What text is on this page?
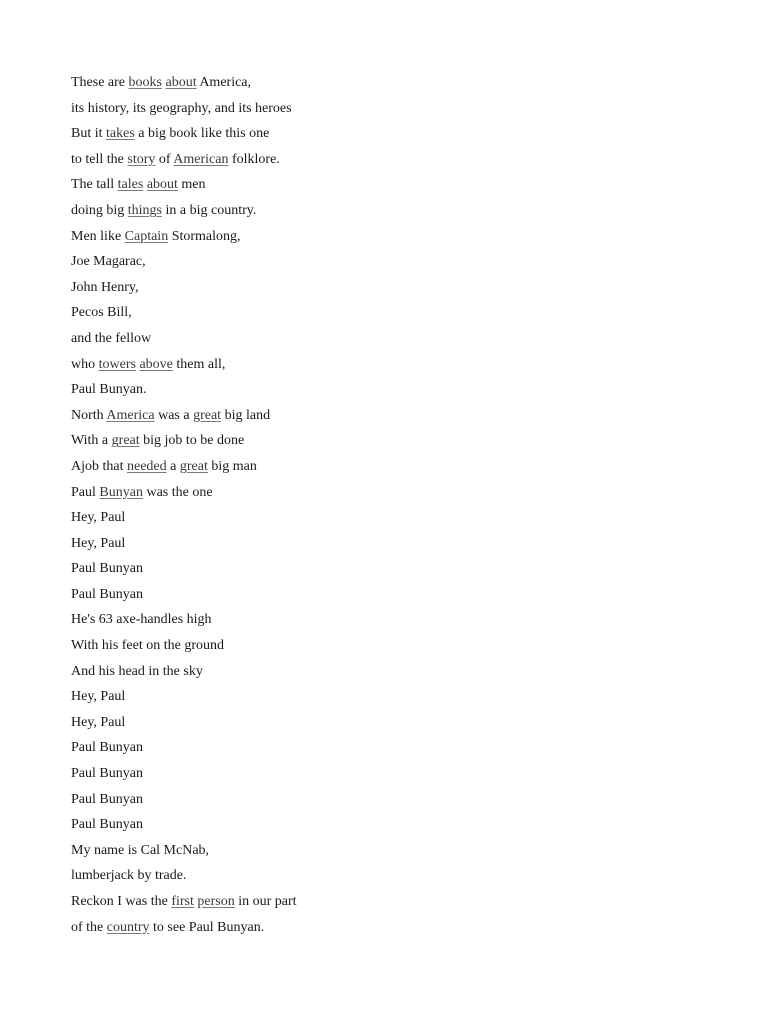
These are books about America,
its history, its geography, and its heroes
But it takes a big book like this one
to tell the story of American folklore.
The tall tales about men
doing big things in a big country.
Men like Captain Stormalong,
Joe Magarac,
John Henry,
Pecos Bill,
and the fellow
who towers above them all,
Paul Bunyan.
North America was a great big land
With a great big job to be done
Ajob that needed a great big man
Paul Bunyan was the one
Hey, Paul
Hey, Paul
Paul Bunyan
Paul Bunyan
He's 63 axe-handles high
With his feet on the ground
And his head in the sky
Hey, Paul
Hey, Paul
Paul Bunyan
Paul Bunyan
Paul Bunyan
Paul Bunyan
My name is Cal McNab,
lumberjack by trade.
Reckon I was the first person in our part
of the country to see Paul Bunyan.
